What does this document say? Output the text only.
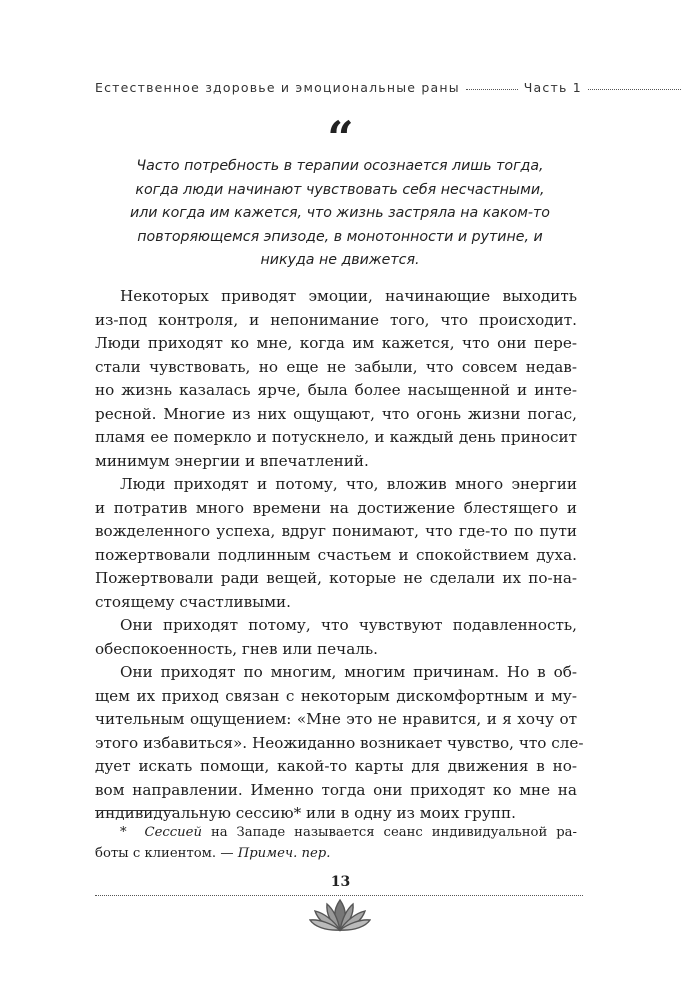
Естественное здоровье и эмоциональные раны	Часть 1
“
Часто потребность в терапии осознается лишь тогда,
когда люди начинают чувствовать себя несчастными,
или когда им кажется, что жизнь застряла на каком-то
повторяющемся эпизоде, в монотонности и рутине, и
никуда не движется.
Некоторых приводят эмоции, начинающие выходить
из-под контроля, и непонимание того, что происходит.
Люди приходят ко мне, когда им кажется, что они пере-
стали чувствовать, но еще не забыли, что совсем недав-
но жизнь казалась ярче, была более насыщенной и инте-
ресной. Многие из них ощущают, что огонь жизни погас,
пламя ее померкло и потускнело, и каждый день приносит
минимум энергии и впечатлений.
Люди приходят и потому, что, вложив много энергии
и потратив много времени на достижение блестящего и
вожделенного успеха, вдруг понимают, что где-то по пути
пожертвовали подлинным счастьем и спокойствием духа.
Пожертвовали ради вещей, которые не сделали их по-на-
стоящему счастливыми.
Они приходят потому, что чувствуют подавленность,
обеспокоенность, гнев или печаль.
Они приходят по многим, многим причинам. Но в об-
щем их приход связан с некоторым дискомфортным и му-
чительным ощущением: «Мне это не нравится, и я хочу от
этого избавиться». Неожиданно возникает чувство, что сле-
дует искать помощи, какой-то карты для движения в но-
вом направлении. Именно тогда они приходят ко мне на
индивидуальную сессию* или в одну из моих групп.
* Сессией на Западе называется сеанс индивидуальной ра-
боты с клиентом. — Примеч. пер.
13
